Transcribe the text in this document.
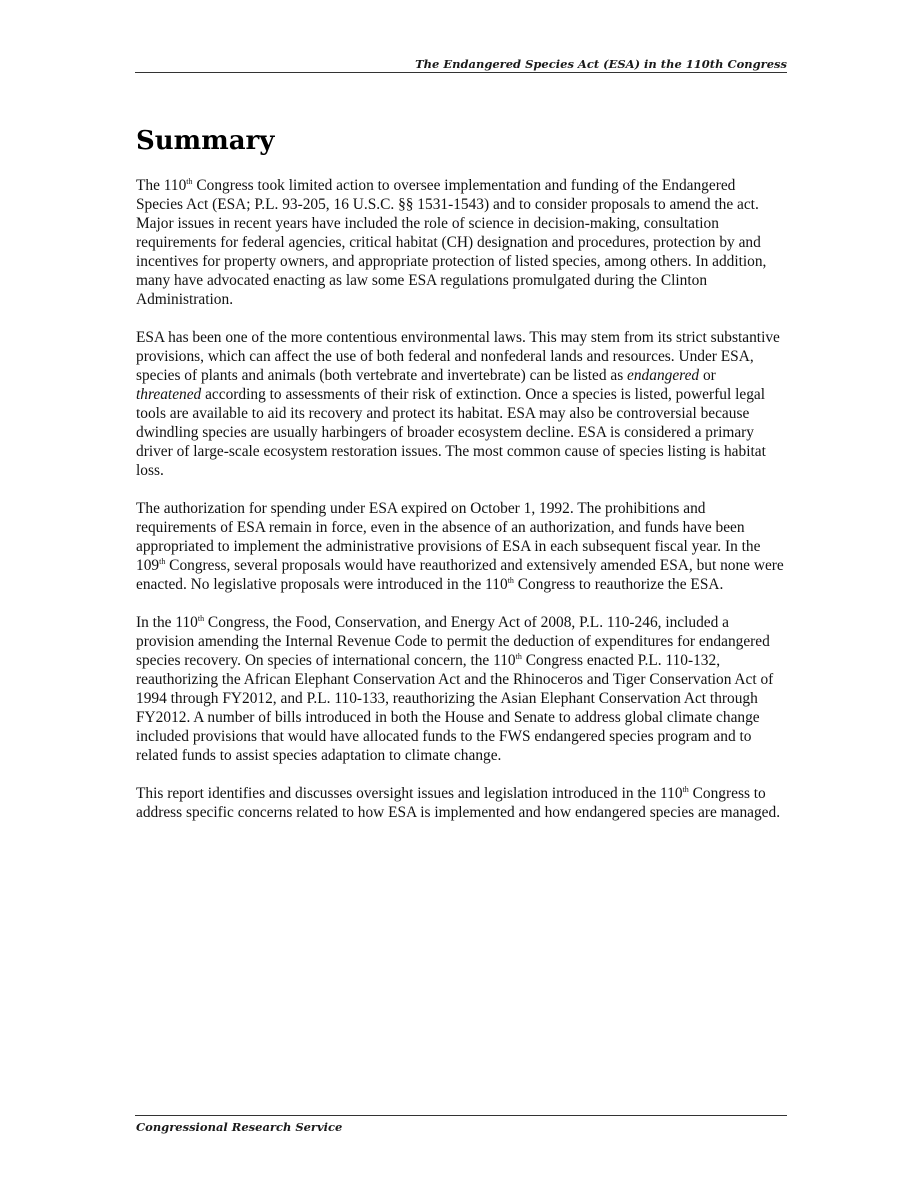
The Endangered Species Act (ESA) in the 110th Congress
Summary

The 110th Congress took limited action to oversee implementation and funding of the Endangered Species Act (ESA; P.L. 93-205, 16 U.S.C. §§ 1531-1543) and to consider proposals to amend the act. Major issues in recent years have included the role of science in decision-making, consultation requirements for federal agencies, critical habitat (CH) designation and procedures, protection by and incentives for property owners, and appropriate protection of listed species, among others. In addition, many have advocated enacting as law some ESA regulations promulgated during the Clinton Administration.

ESA has been one of the more contentious environmental laws. This may stem from its strict substantive provisions, which can affect the use of both federal and nonfederal lands and resources. Under ESA, species of plants and animals (both vertebrate and invertebrate) can be listed as endangered or threatened according to assessments of their risk of extinction. Once a species is listed, powerful legal tools are available to aid its recovery and protect its habitat. ESA may also be controversial because dwindling species are usually harbingers of broader ecosystem decline. ESA is considered a primary driver of large-scale ecosystem restoration issues. The most common cause of species listing is habitat loss.

The authorization for spending under ESA expired on October 1, 1992. The prohibitions and requirements of ESA remain in force, even in the absence of an authorization, and funds have been appropriated to implement the administrative provisions of ESA in each subsequent fiscal year. In the 109th Congress, several proposals would have reauthorized and extensively amended ESA, but none were enacted. No legislative proposals were introduced in the 110th Congress to reauthorize the ESA.

In the 110th Congress, the Food, Conservation, and Energy Act of 2008, P.L. 110-246, included a provision amending the Internal Revenue Code to permit the deduction of expenditures for endangered species recovery. On species of international concern, the 110th Congress enacted P.L. 110-132, reauthorizing the African Elephant Conservation Act and the Rhinoceros and Tiger Conservation Act of 1994 through FY2012, and P.L. 110-133, reauthorizing the Asian Elephant Conservation Act through FY2012. A number of bills introduced in both the House and Senate to address global climate change included provisions that would have allocated funds to the FWS endangered species program and to related funds to assist species adaptation to climate change.

This report identifies and discusses oversight issues and legislation introduced in the 110th Congress to address specific concerns related to how ESA is implemented and how endangered species are managed.

Congressional Research Service
